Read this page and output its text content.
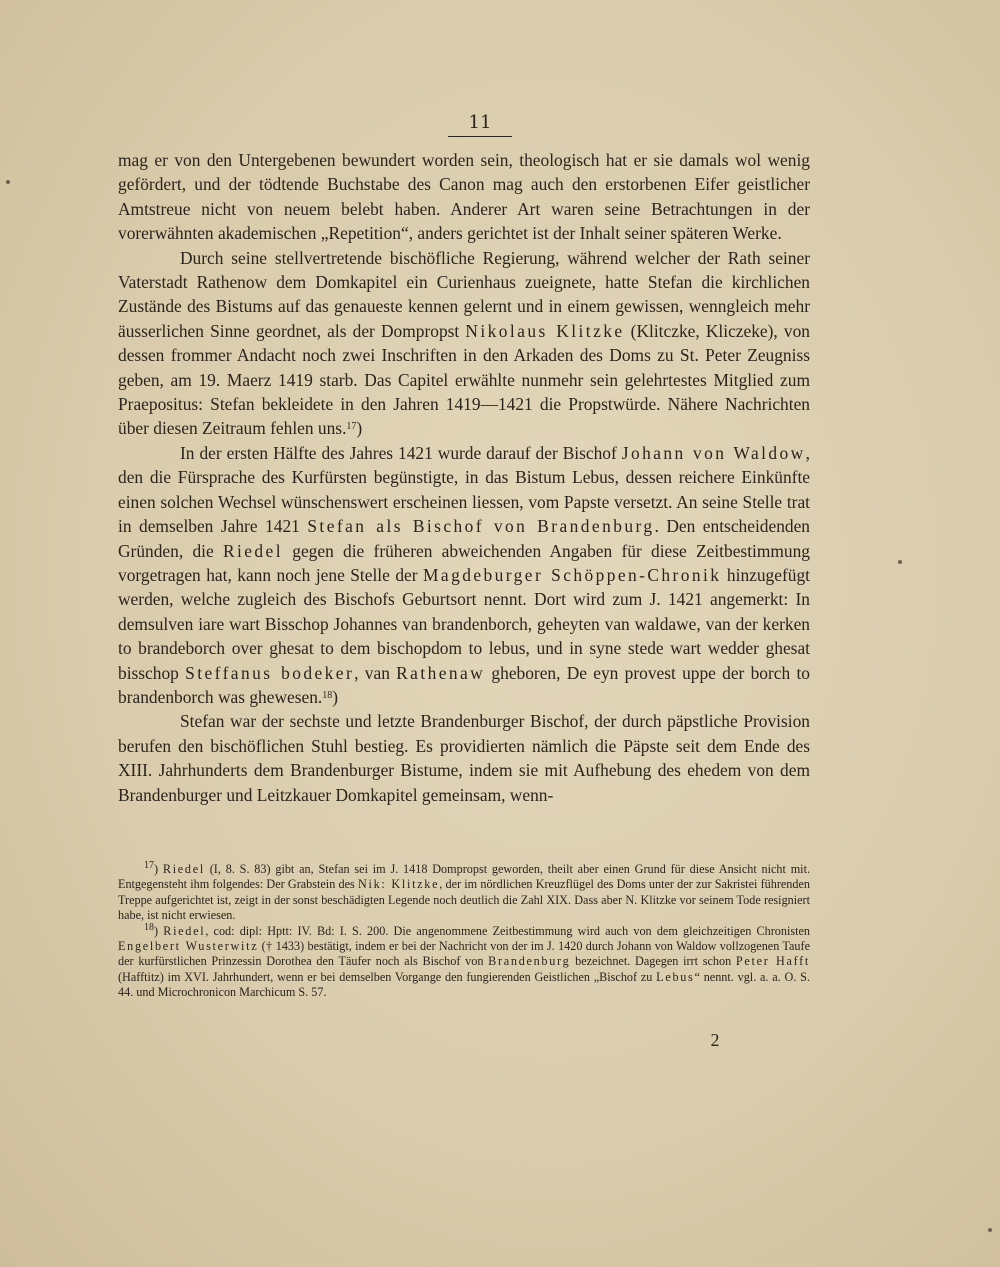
11

mag er von den Untergebenen bewundert worden sein, theologisch hat er sie damals wol wenig gefördert, und der tödtende Buchstabe des Canon mag auch den erstorbenen Eifer geistlicher Amtstreue nicht von neuem belebt haben. Anderer Art waren seine Betrachtungen in der vorerwähnten akademischen „Repetition“, anders gerichtet ist der Inhalt seiner späteren Werke.

Durch seine stellvertretende bischöfliche Regierung, während welcher der Rath seiner Vaterstadt Rathenow dem Domkapitel ein Curienhaus zueignete, hatte Stefan die kirchlichen Zustände des Bistums auf das genaueste kennen gelernt und in einem gewissen, wenngleich mehr äusserlichen Sinne geordnet, als der Dompropst Nikolaus Klitzke (Klitczke, Kliczeke), von dessen frommer Andacht noch zwei Inschriften in den Arkaden des Doms zu St. Peter Zeugniss geben, am 19. Maerz 1419 starb. Das Capitel erwählte nunmehr sein gelehrtestes Mitglied zum Praepositus: Stefan bekleidete in den Jahren 1419—1421 die Propstwürde. Nähere Nachrichten über diesen Zeitraum fehlen uns.$^{17}$)

In der ersten Hälfte des Jahres 1421 wurde darauf der Bischof Johann von Waldow, den die Fürsprache des Kurfürsten begünstigte, in das Bistum Lebus, dessen reichere Einkünfte einen solchen Wechsel wünschenswert erscheinen liessen, vom Papste versetzt. An seine Stelle trat in demselben Jahre 1421 Stefan als Bischof von Brandenburg. Den entscheidenden Gründen, die Riedel gegen die früheren abweichenden Angaben für diese Zeitbestimmung vorgetragen hat, kann noch jene Stelle der Magdeburger Schöppen-Chronik hinzugefügt werden, welche zugleich des Bischofs Geburtsort nennt. Dort wird zum J. 1421 angemerkt: In demsulven iare wart Bisschop Johannes van brandenborch, geheyten van waldawe, van der kerken to brandeborch over ghesat to dem bischopdom to lebus, und in syne stede wart wedder ghesat bisschop Steffanus bodeker, van Rathenaw gheboren, De eyn provest uppe der borch to brandenborch was ghewesen.$^{18}$)

Stefan war der sechste und letzte Brandenburger Bischof, der durch päpstliche Provision berufen den bischöflichen Stuhl bestieg. Es providierten nämlich die Päpste seit dem Ende des XIII. Jahrhunderts dem Brandenburger Bistume, indem sie mit Aufhebung des ehedem von dem Brandenburger und Leitzkauer Domkapitel gemeinsam, wenn-

$^{17}$) Riedel (I, 8. S. 83) gibt an, Stefan sei im J. 1418 Dompropst geworden, theilt aber einen Grund für diese Ansicht nicht mit. Entgegensteht ihm folgendes: Der Grabstein des Nik: Klitzke, der im nördlichen Kreuzflügel des Doms unter der zur Sakristei führenden Treppe aufgerichtet ist, zeigt in der sonst beschädigten Legende noch deutlich die Zahl XIX. Dass aber N. Klitzke vor seinem Tode resigniert habe, ist nicht erwiesen.

$^{18}$) Riedel, cod: dipl: Hptt: IV. Bd: I. S. 200. Die angenommene Zeitbestimmung wird auch von dem gleichzeitigen Chronisten Engelbert Wusterwitz († 1433) bestätigt, indem er bei der Nachricht von der im J. 1420 durch Johann von Waldow vollzogenen Taufe der kurfürstlichen Prinzessin Dorothea den Täufer noch als Bischof von Brandenburg bezeichnet. Dagegen irrt schon Peter Hafft (Hafftitz) im XVI. Jahrhundert, wenn er bei demselben Vorgange den fungierenden Geistlichen „Bischof zu Lebus“ nennt. vgl. a. a. O. S. 44. und Microchronicon Marchicum S. 57.

2
